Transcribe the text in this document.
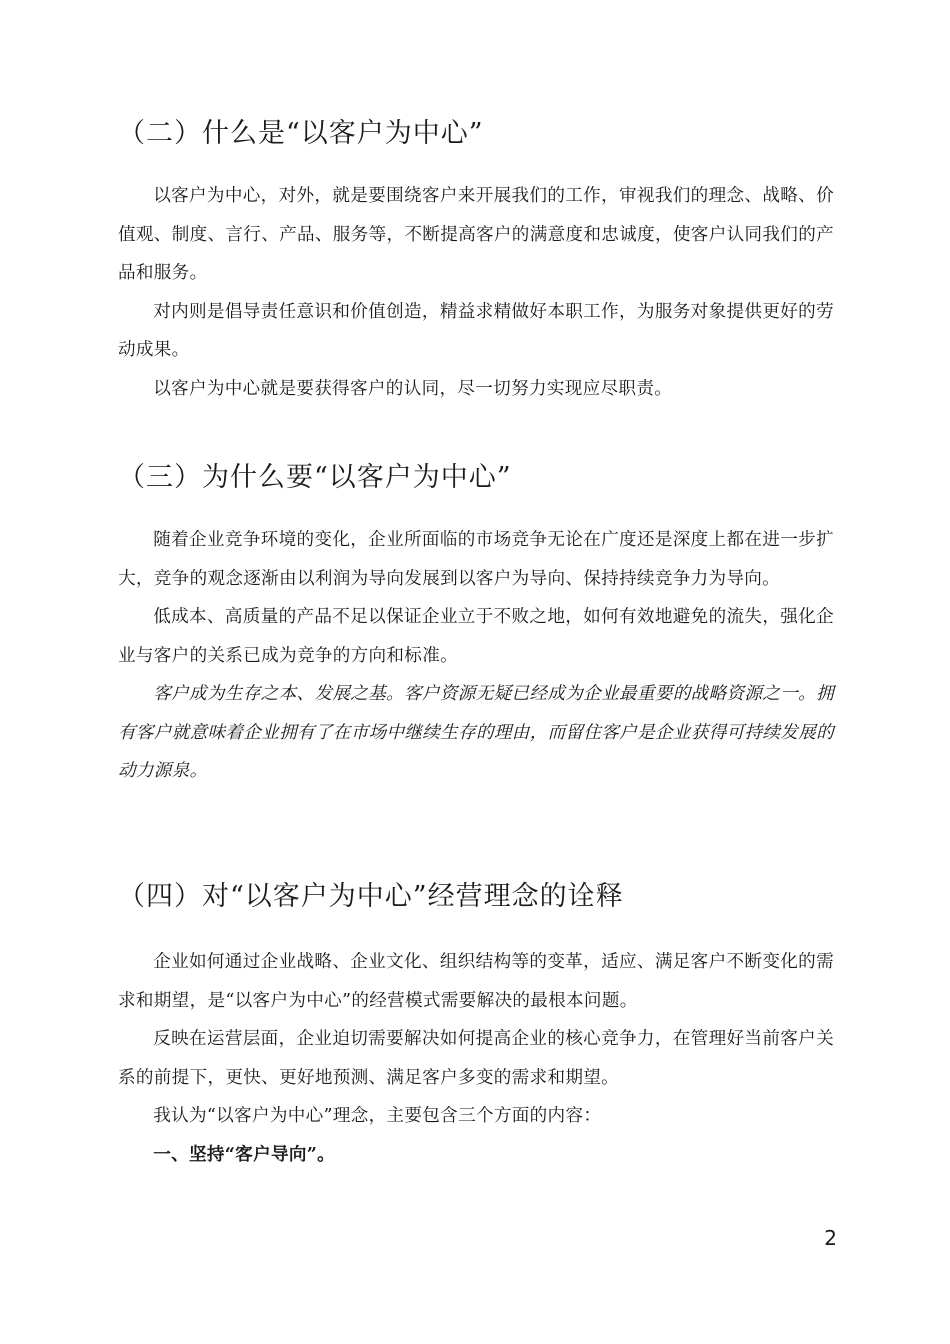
（二）什么是“以客户为中心”

以客户为中心，对外，就是要围绕客户来开展我们的工作，审视我们的理念、战略、价值观、制度、言行、产品、服务等，不断提高客户的满意度和忠诚度，使客户认同我们的产品和服务。

对内则是倡导责任意识和价值创造，精益求精做好本职工作，为服务对象提供更好的劳动成果。

以客户为中心就是要获得客户的认同，尽一切努力实现应尽职责。

（三）为什么要“以客户为中心”

随着企业竞争环境的变化，企业所面临的市场竞争无论在广度还是深度上都在进一步扩大，竞争的观念逐渐由以利润为导向发展到以客户为导向、保持持续竞争力为导向。

低成本、高质量的产品不足以保证企业立于不败之地，如何有效地避免的流失，强化企业与客户的关系已成为竞争的方向和标准。

客户成为生存之本、发展之基。客户资源无疑已经成为企业最重要的战略资源之一。拥有客户就意味着企业拥有了在市场中继续生存的理由，而留住客户是企业获得可持续发展的动力源泉。

（四）对“以客户为中心”经营理念的诠释

企业如何通过企业战略、企业文化、组织结构等的变革，适应、满足客户不断变化的需求和期望，是“以客户为中心”的经营模式需要解决的最根本问题。

反映在运营层面，企业迫切需要解决如何提高企业的核心竞争力，在管理好当前客户关系的前提下，更快、更好地预测、满足客户多变的需求和期望。

我认为“以客户为中心”理念，主要包含三个方面的内容：

一、坚持“客户导向”。

2
